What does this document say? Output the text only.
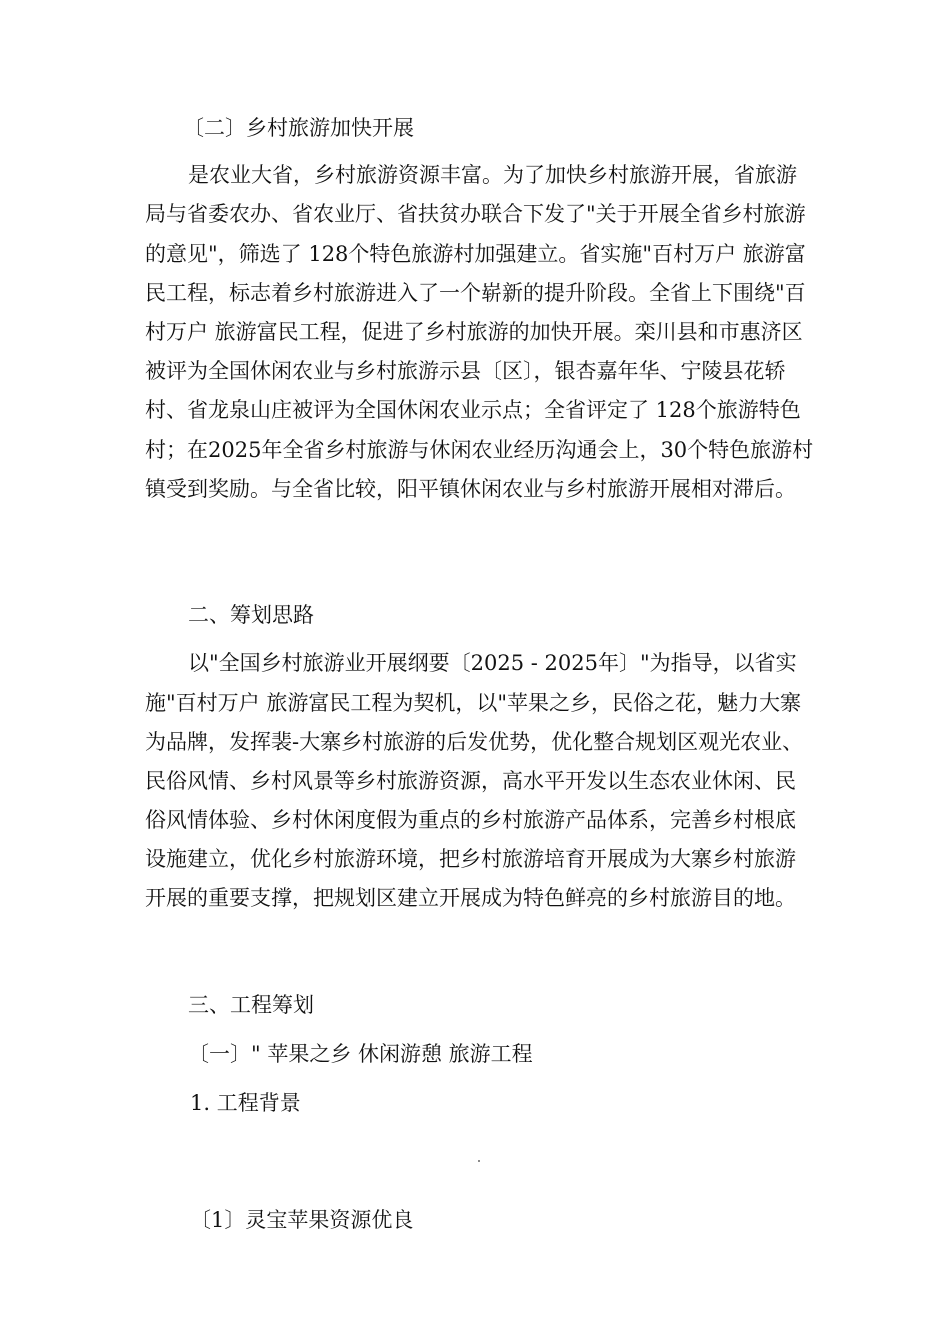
〔二〕乡村旅游加快开展
是农业大省，乡村旅游资源丰富。为了加快乡村旅游开展，省旅游
局与省委农办、省农业厅、省扶贫办联合下发了"关于开展全省乡村旅游
的意见"，筛选了 128个特色旅游村加强建立。省实施"百村万户 旅游富
民工程，标志着乡村旅游进入了一个崭新的提升阶段。全省上下围绕"百
村万户 旅游富民工程，促进了乡村旅游的加快开展。栾川县和市惠济区
被评为全国休闲农业与乡村旅游示县〔区〕，银杏嘉年华、宁陵县花轿
村、省龙泉山庄被评为全国休闲农业示点；全省评定了 128个旅游特色
村；在2025年全省乡村旅游与休闲农业经历沟通会上，30个特色旅游村
镇受到奖励。与全省比较，阳平镇休闲农业与乡村旅游开展相对滞后。
二、筹划思路
以"全国乡村旅游业开展纲要〔2025 - 2025年〕"为指导，以省实
施"百村万户 旅游富民工程为契机，以"苹果之乡，民俗之花，魅力大寨
为品牌，发挥裴-大寨乡村旅游的后发优势，优化整合规划区观光农业、
民俗风情、乡村风景等乡村旅游资源，高水平开发以生态农业休闲、民
俗风情体验、乡村休闲度假为重点的乡村旅游产品体系，完善乡村根底
设施建立，优化乡村旅游环境，把乡村旅游培育开展成为大寨乡村旅游
开展的重要支撑，把规划区建立开展成为特色鲜亮的乡村旅游目的地。
三、工程筹划
〔一〕" 苹果之乡 休闲游憩 旅游工程
1. 工程背景
〔1〕灵宝苹果资源优良
